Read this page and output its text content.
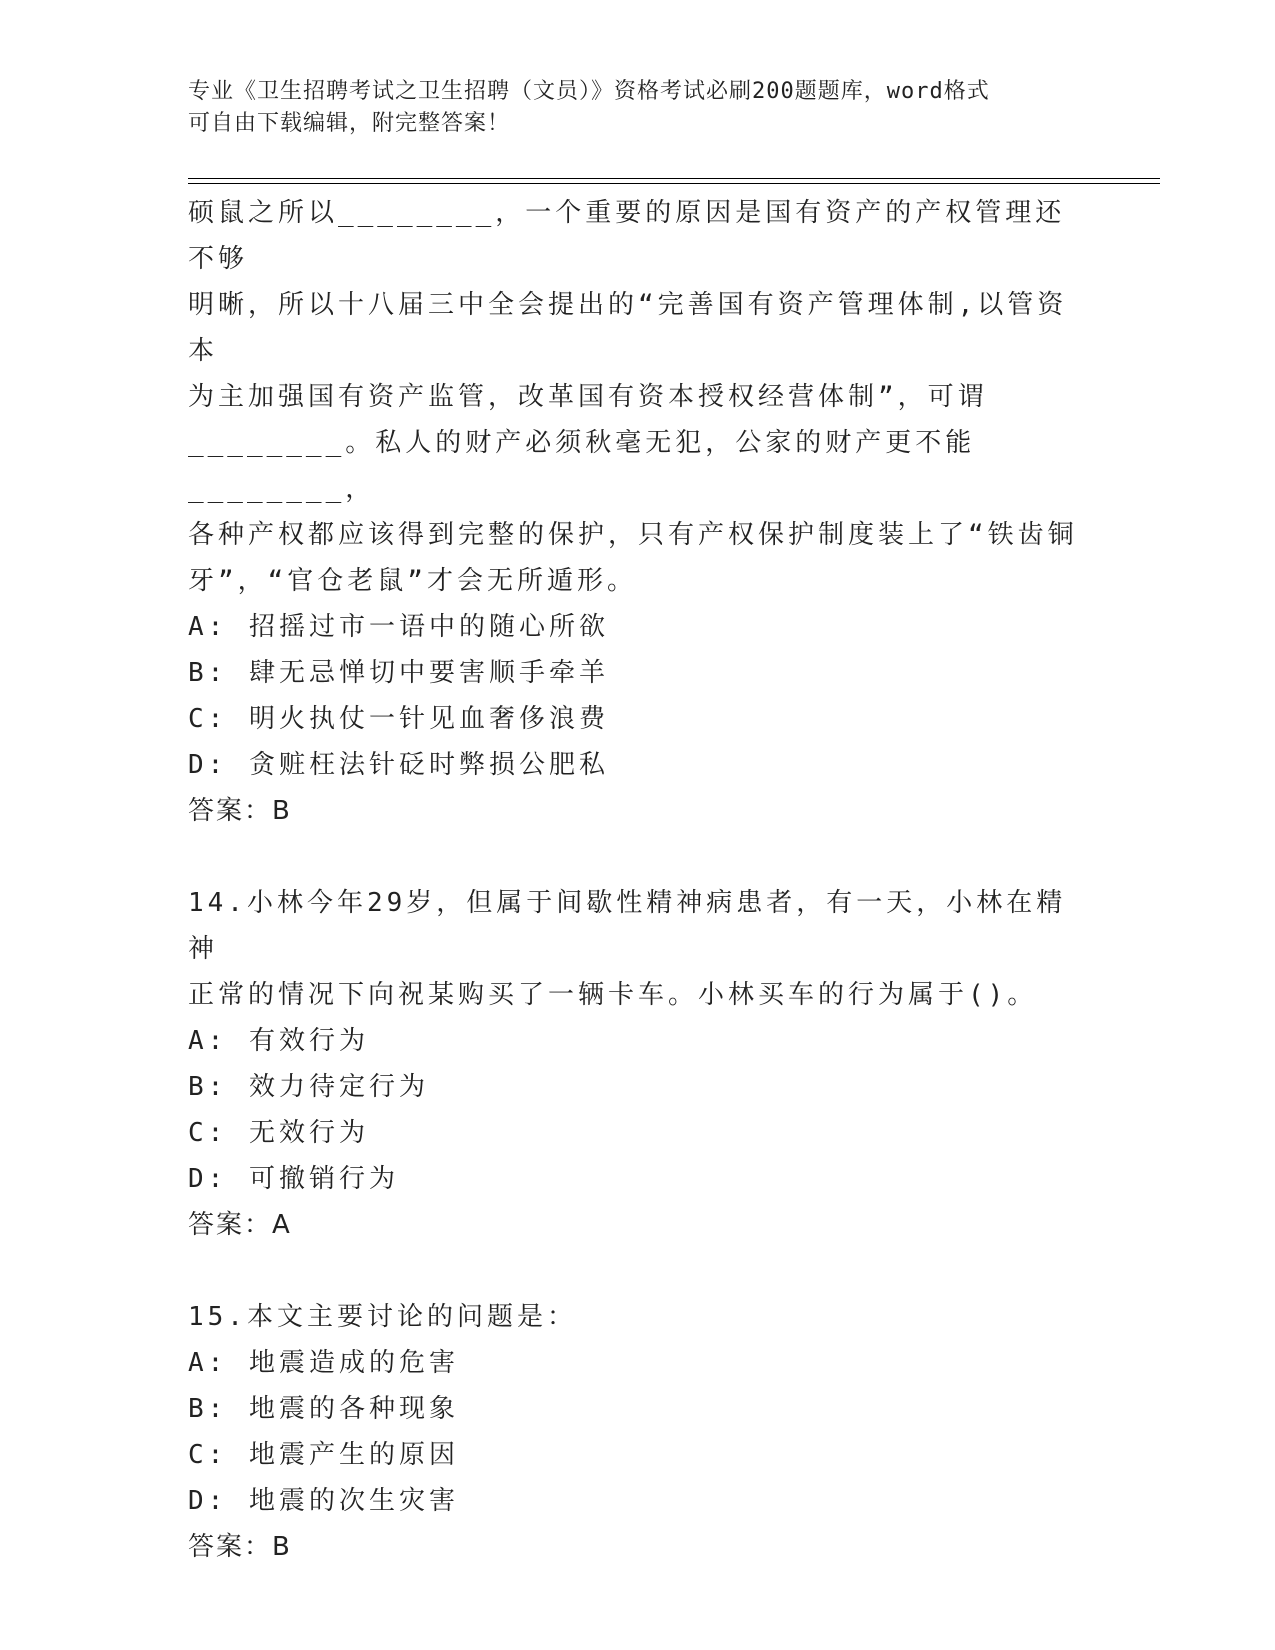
专业《卫生招聘考试之卫生招聘（文员）》资格考试必刷200题题库，word格式
可自由下载编辑，附完整答案！

硕鼠之所以________，一个重要的原因是国有资产的产权管理还不够

明晰，所以十八届三中全会提出的“完善国有资产管理体制,以管资本

为主加强国有资产监管，改革国有资本授权经营体制”，可谓

________。私人的财产必须秋毫无犯，公家的财产更不能________，

各种产权都应该得到完整的保护，只有产权保护制度装上了“铁齿铜

牙”，“官仓老鼠”才会无所遁形。

A: 招摇过市一语中的随心所欲

B: 肆无忌惮切中要害顺手牵羊

C: 明火执仗一针见血奢侈浪费

D: 贪赃枉法针砭时弊损公肥私

答案：B

14.小林今年29岁，但属于间歇性精神病患者，有一天，小林在精神

正常的情况下向祝某购买了一辆卡车。小林买车的行为属于()。

A: 有效行为

B: 效力待定行为

C: 无效行为

D: 可撤销行为

答案：A

15.本文主要讨论的问题是：

A: 地震造成的危害

B: 地震的各种现象

C: 地震产生的原因

D: 地震的次生灾害

答案：B
